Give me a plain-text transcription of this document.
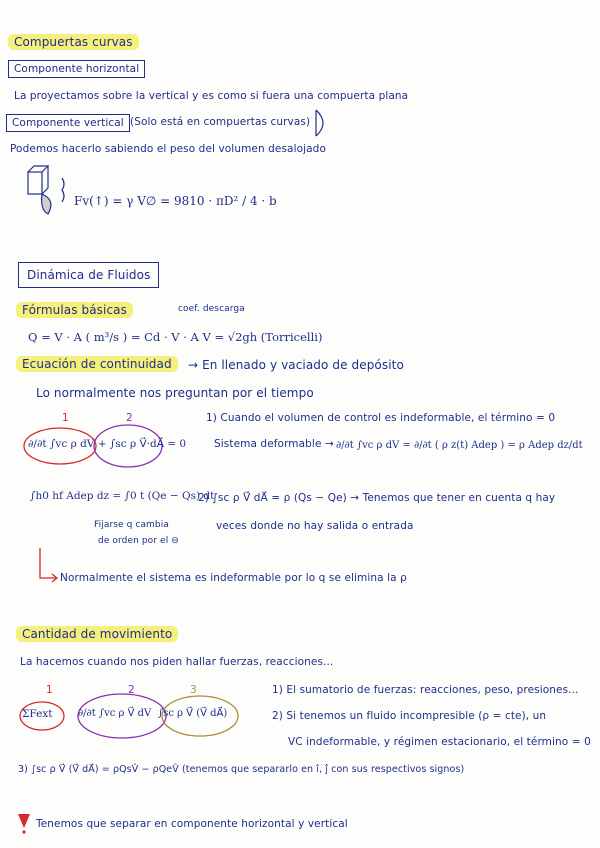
Compuertas curvas
Componente horizontal
La proyectamos sobre la vertical y es como si fuera una compuerta plana
Componente vertical (Solo está en compuertas curvas)
Podemos hacerlo sabiendo el peso del volumen desalojado
Fv(↑) = γ V∅ = 9810 · πD² / 4 · b
Dinámica de Fluidos
Fórmulas básicas	coef. descarga
Q = V · A ( m³/s ) = Cd · V · A V = √2gh (Torricelli)
Ecuación de continuidad	→ En llenado y vaciado de depósito
Lo normalmente nos preguntan por el tiempo
1	2
∂/∂t ∫vc ρ dV + ∫sc ρ V⃗·dA⃗ = 0
1) Cuando el volumen de control es indeformable, el término = 0
Sistema deformable → ∂/∂t ∫vc ρ dV = ∂/∂t ( ρ z(t) Adep ) = ρ Adep dz/dt
∫h0 hf Adep dz = ∫0 t (Qe − Qs) dt
2) ∫sc ρ V⃗ dA⃗ = ρ (Qs − Qe) → Tenemos que tener en cuenta q hay
veces donde no hay salida o entrada
Fijarse q cambia
de orden por el ⊖
Normalmente el sistema es indeformable por lo q se elimina la ρ
Cantidad de movimiento
La hacemos cuando nos piden hallar fuerzas, reacciones...
1	2	3
ΣFext	∂/∂t ∫vc ρ V⃗ dV ∫sc ρ V⃗ (V⃗ dA⃗)
1) El sumatorio de fuerzas: reacciones, peso, presiones...
2) Si tenemos un fluido incompresible (ρ = cte), un
VC indeformable, y régimen estacionario, el término = 0
3) ∫sc ρ V⃗ (V⃗ dA⃗) = ρQsV̂ − ρQeV̂ (tenemos que separarlo en î, ĵ con sus respectivos signos)
Tenemos que separar en componente horizontal y vertical
